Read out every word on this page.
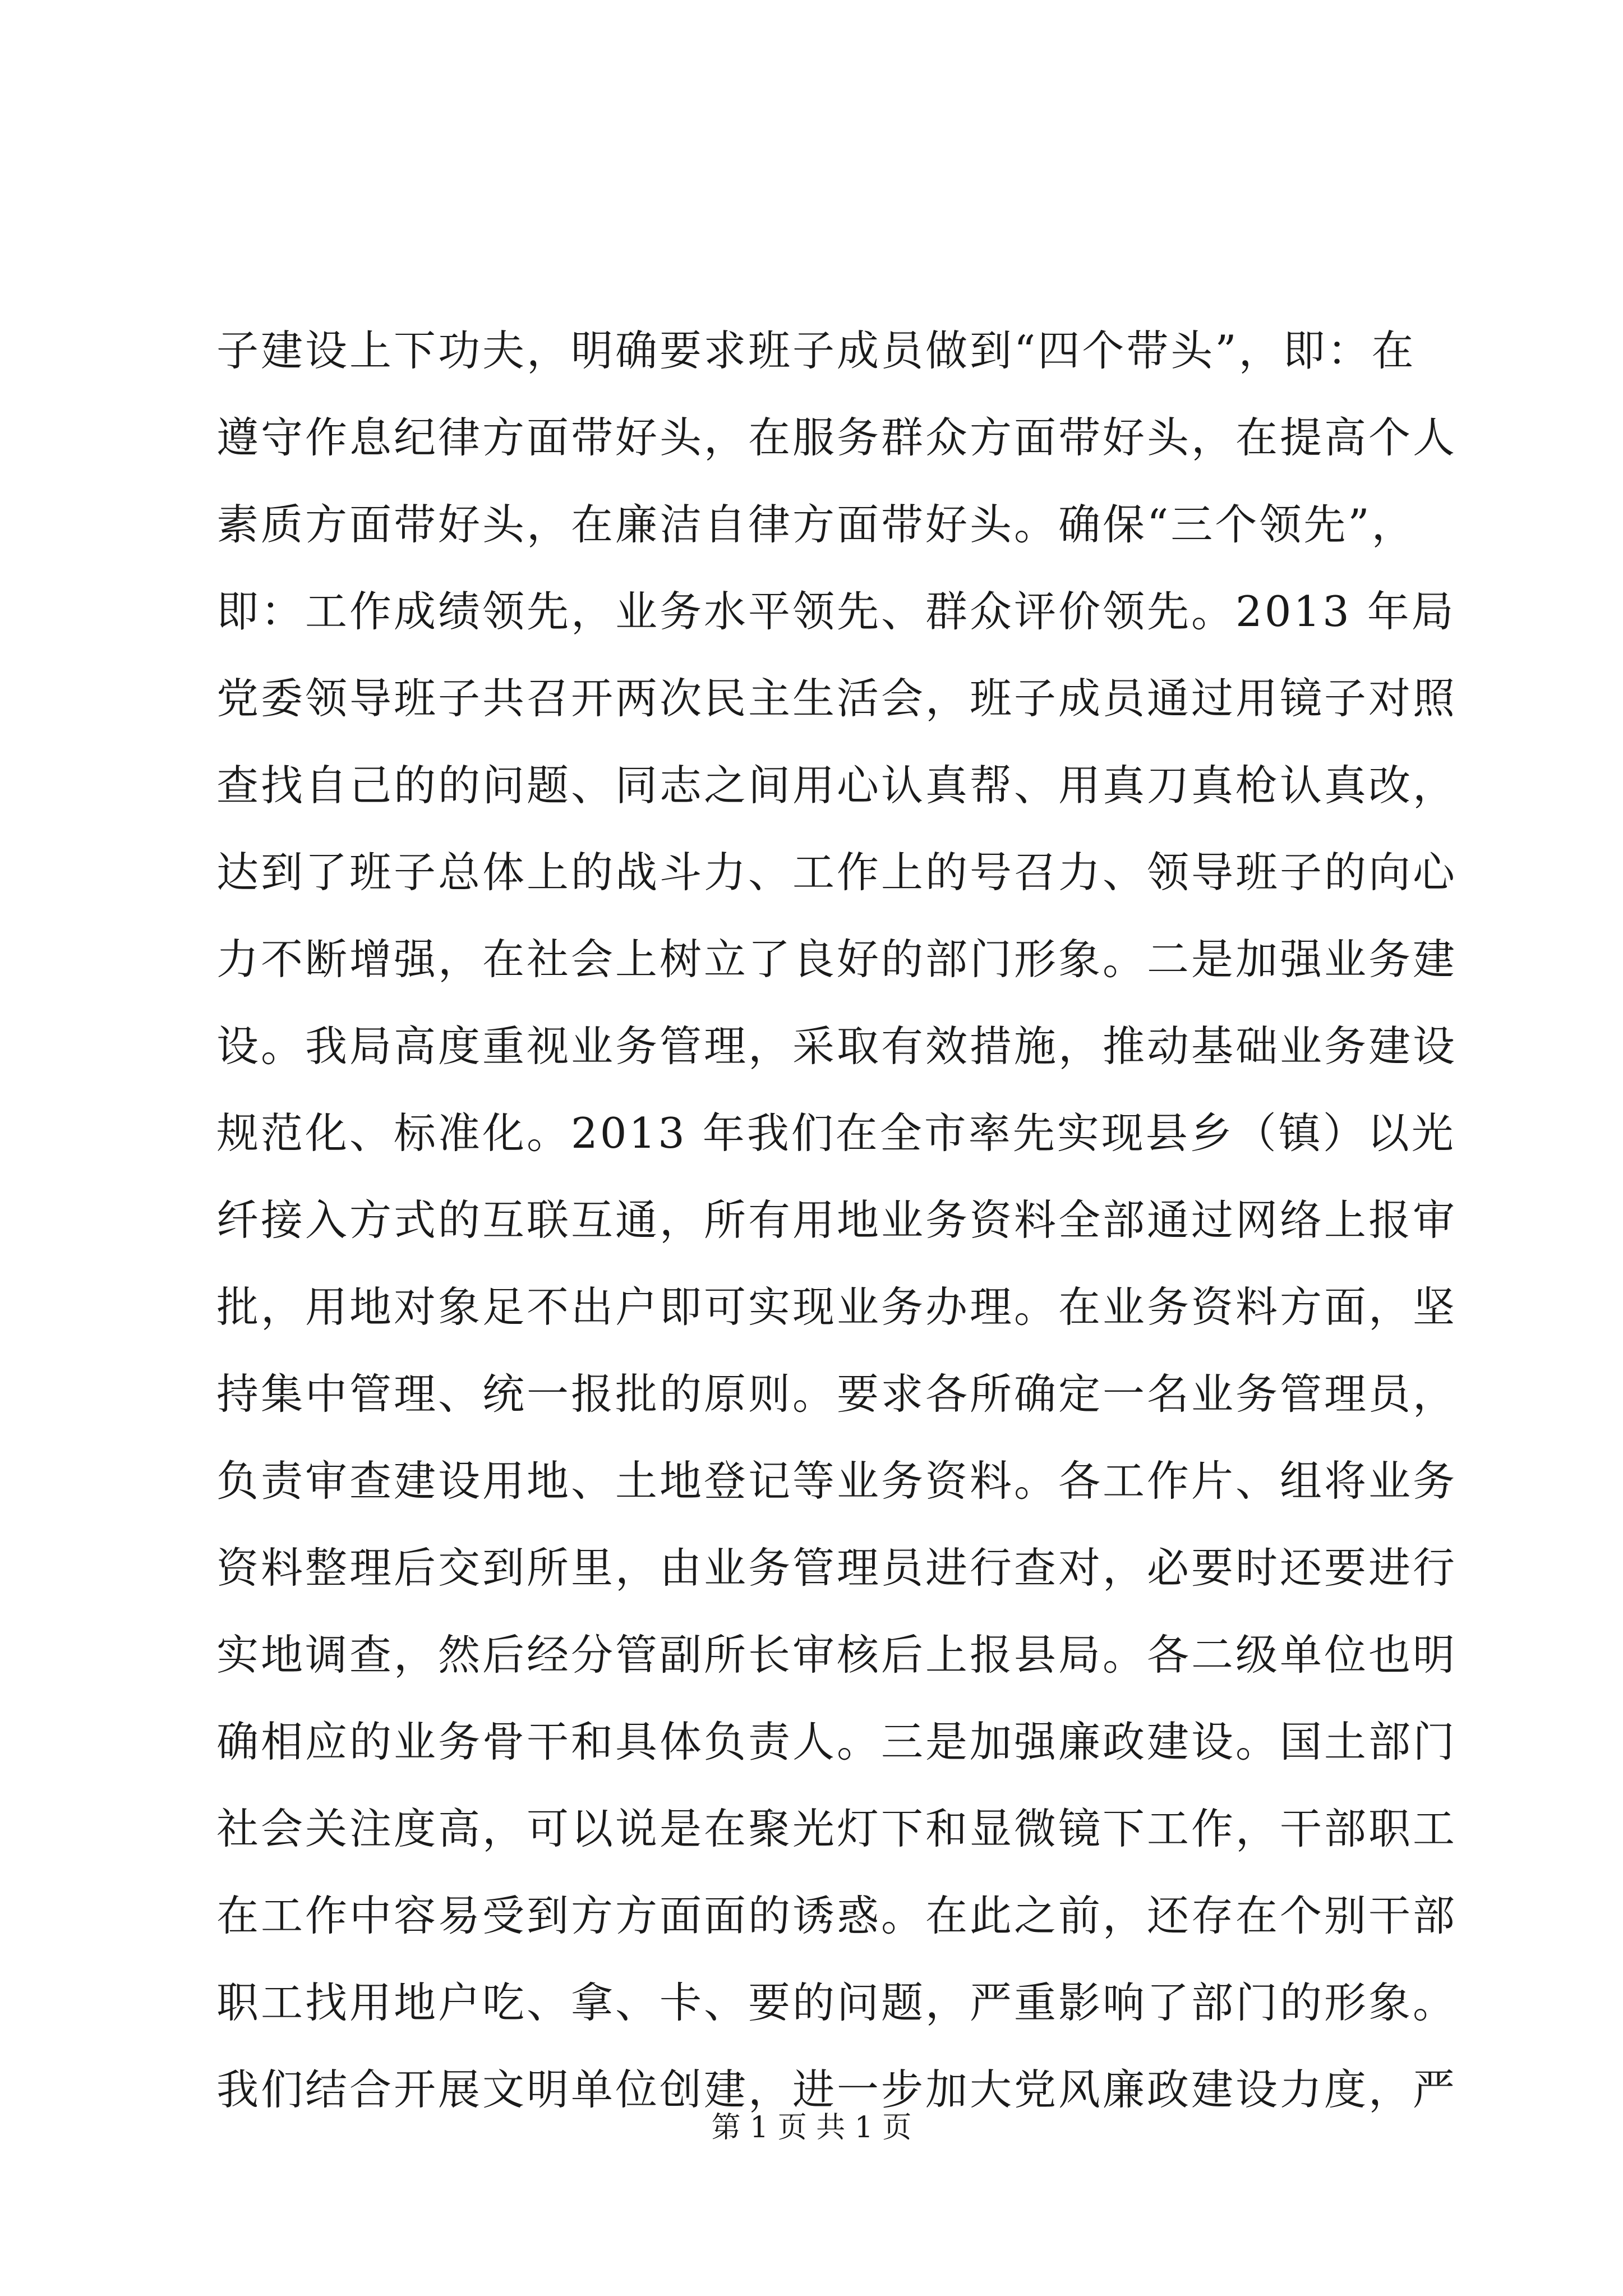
子建设上下功夫，明确要求班子成员做到“四个带头”，即：在
遵守作息纪律方面带好头，在服务群众方面带好头，在提高个人
素质方面带好头，在廉洁自律方面带好头。确保“三个领先”，
即：工作成绩领先，业务水平领先、群众评价领先。2013 年局
党委领导班子共召开两次民主生活会，班子成员通过用镜子对照
查找自己的的问题、同志之间用心认真帮、用真刀真枪认真改，
达到了班子总体上的战斗力、工作上的号召力、领导班子的向心
力不断增强，在社会上树立了良好的部门形象。二是加强业务建
设。我局高度重视业务管理，采取有效措施，推动基础业务建设
规范化、标准化。2013 年我们在全市率先实现县乡（镇）以光
纤接入方式的互联互通，所有用地业务资料全部通过网络上报审
批，用地对象足不出户即可实现业务办理。在业务资料方面，坚
持集中管理、统一报批的原则。要求各所确定一名业务管理员，
负责审查建设用地、土地登记等业务资料。各工作片、组将业务
资料整理后交到所里，由业务管理员进行查对，必要时还要进行
实地调查，然后经分管副所长审核后上报县局。各二级单位也明
确相应的业务骨干和具体负责人。三是加强廉政建设。国土部门
社会关注度高，可以说是在聚光灯下和显微镜下工作，干部职工
在工作中容易受到方方面面的诱惑。在此之前，还存在个别干部
职工找用地户吃、拿、卡、要的问题，严重影响了部门的形象。
我们结合开展文明单位创建，进一步加大党风廉政建设力度，严
第 1 页 共 1 页
